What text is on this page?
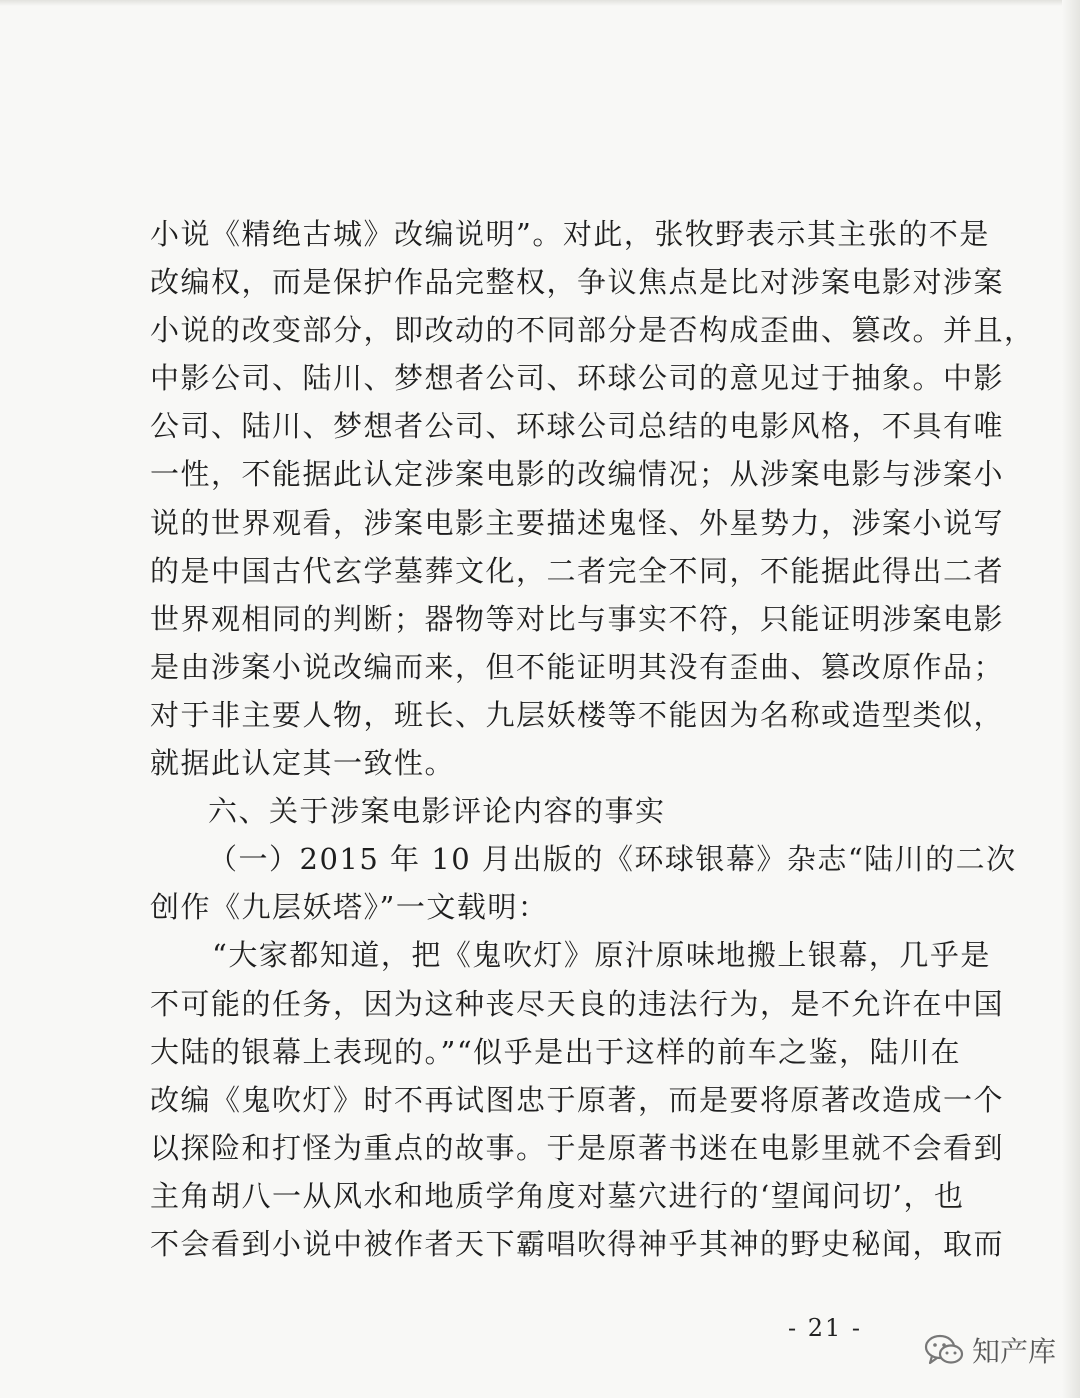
小说《精绝古城》改编说明”。对此，张牧野表示其主张的不是
改编权，而是保护作品完整权，争议焦点是比对涉案电影对涉案
小说的改变部分，即改动的不同部分是否构成歪曲、篡改。并且，
中影公司、陆川、梦想者公司、环球公司的意见过于抽象。中影
公司、陆川、梦想者公司、环球公司总结的电影风格，不具有唯
一性，不能据此认定涉案电影的改编情况；从涉案电影与涉案小
说的世界观看，涉案电影主要描述鬼怪、外星势力，涉案小说写
的是中国古代玄学墓葬文化，二者完全不同，不能据此得出二者
世界观相同的判断；器物等对比与事实不符，只能证明涉案电影
是由涉案小说改编而来，但不能证明其没有歪曲、篡改原作品；
对于非主要人物，班长、九层妖楼等不能因为名称或造型类似，
就据此认定其一致性。
六、关于涉案电影评论内容的事实
（一）2015 年 10 月出版的《环球银幕》杂志“陆川的二次
创作《九层妖塔》”一文载明：
“大家都知道，把《鬼吹灯》原汁原味地搬上银幕，几乎是
不可能的任务，因为这种丧尽天良的违法行为，是不允许在中国
大陆的银幕上表现的。”“似乎是出于这样的前车之鉴，陆川在
改编《鬼吹灯》时不再试图忠于原著，而是要将原著改造成一个
以探险和打怪为重点的故事。于是原著书迷在电影里就不会看到
主角胡八一从风水和地质学角度对墓穴进行的‘望闻问切’，也
不会看到小说中被作者天下霸唱吹得神乎其神的野史秘闻，取而
- 21 -
知产库
